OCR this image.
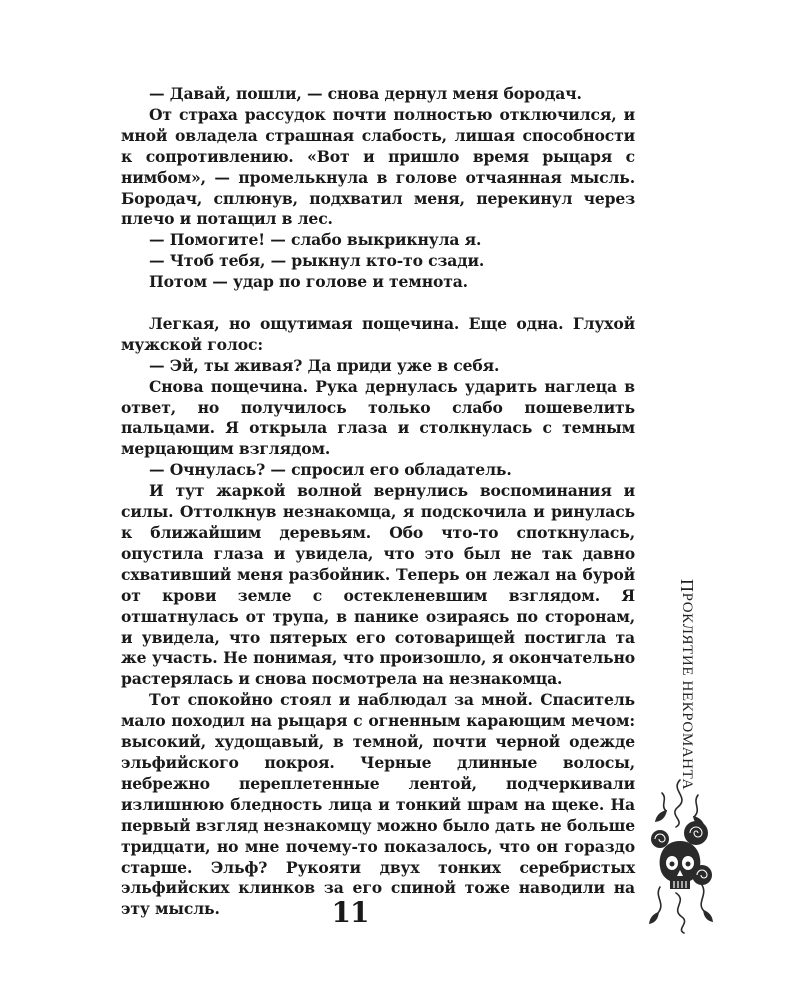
— Давай, пошли, — снова дернул меня бородач.

От страха рассудок почти полностью отключился, и мной овладела страшная слабость, лишая способности к сопротивлению. «Вот и пришло время рыцаря с нимбом», — промелькнула в голове отчаянная мысль. Бородач, сплюнув, подхватил меня, перекинул через плечо и потащил в лес.

— Помогите! — слабо выкрикнула я.

— Чтоб тебя, — рыкнул кто-то сзади.

Потом — удар по голове и темнота.

Легкая, но ощутимая пощечина. Еще одна. Глухой мужской голос:

— Эй, ты живая? Да приди уже в себя.

Снова пощечина. Рука дернулась ударить наглеца в ответ, но получилось только слабо пошевелить пальцами. Я открыла глаза и столкнулась с темным мерцающим взглядом.

— Очнулась? — спросил его обладатель.

И тут жаркой волной вернулись воспоминания и силы. Оттолкнув незнакомца, я подскочила и ринулась к ближайшим деревьям. Обо что-то споткнулась, опустила глаза и увидела, что это был не так давно схвативший меня разбойник. Теперь он лежал на бурой от крови земле с остекленевшим взглядом. Я отшатнулась от трупа, в панике озираясь по сторонам, и увидела, что пятерых его сотоварищей постигла та же участь. Не понимая, что произошло, я окончательно растерялась и снова посмотрела на незнакомца.

Тот спокойно стоял и наблюдал за мной. Спаситель мало походил на рыцаря с огненным карающим мечом: высокий, худощавый, в темной, почти черной одежде эльфийского покроя. Черные длинные волосы, небрежно переплетенные лентой, подчеркивали излишнюю бледность лица и тонкий шрам на щеке. На первый взгляд незнакомцу можно было дать не больше тридцати, но мне почему-то показалось, что он гораздо старше. Эльф? Рукояти двух тонких серебристых эльфийских клинков за его спиной тоже наводили на эту мысль.

ПРОКЛЯТИЕ НЕКРОМАНТА
11
